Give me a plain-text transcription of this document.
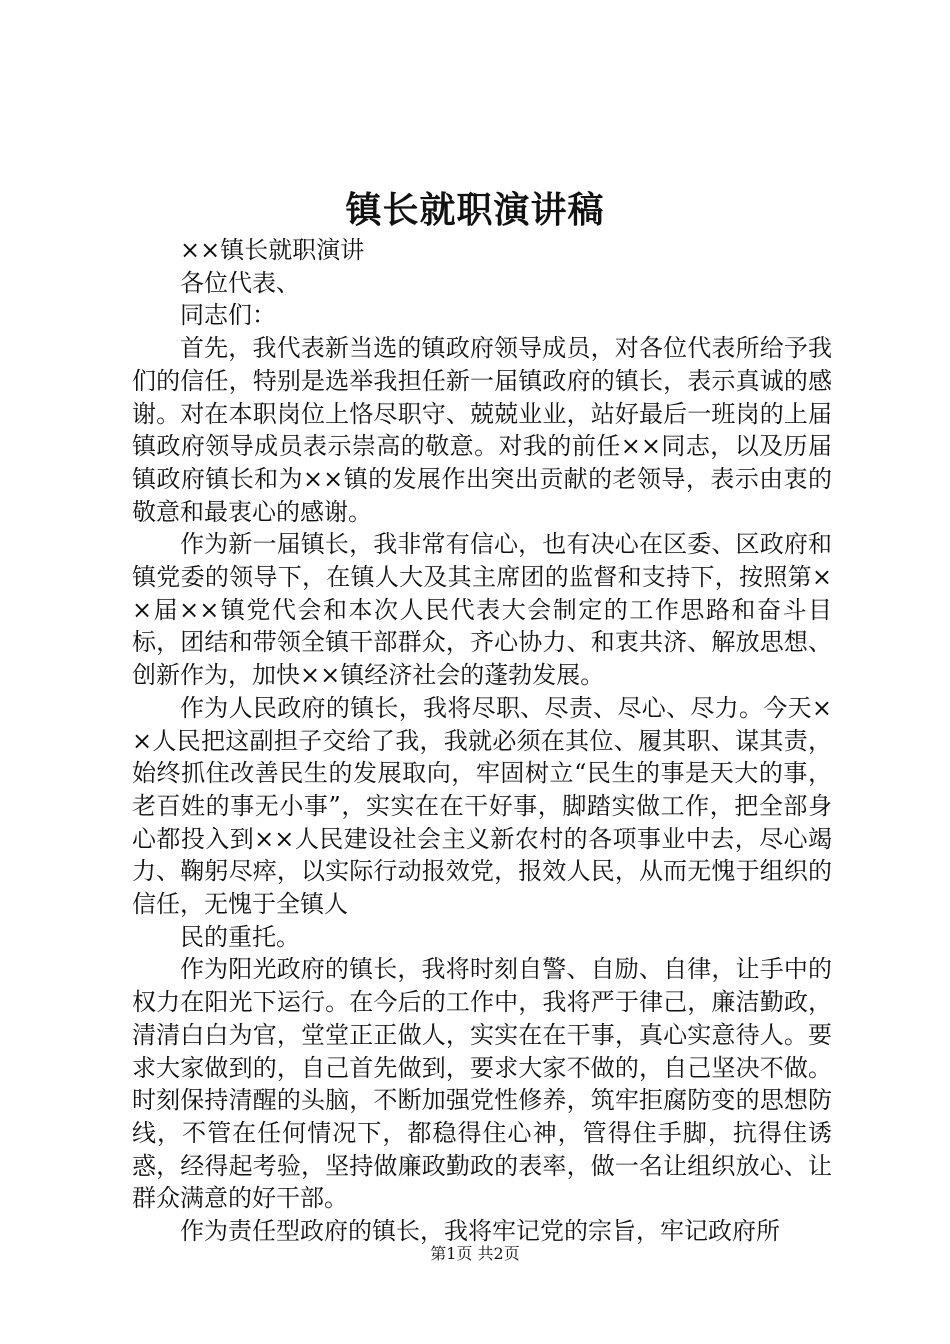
镇长就职演讲稿

××镇长就职演讲

各位代表、

同志们：

首先，我代表新当选的镇政府领导成员，对各位代表所给予我们的信任，特别是选举我担任新一届镇政府的镇长，表示真诚的感谢。对在本职岗位上恪尽职守、兢兢业业，站好最后一班岗的上届镇政府领导成员表示崇高的敬意。对我的前任××同志，以及历届镇政府镇长和为××镇的发展作出突出贡献的老领导，表示由衷的敬意和最衷心的感谢。

作为新一届镇长，我非常有信心，也有决心在区委、区政府和镇党委的领导下，在镇人大及其主席团的监督和支持下，按照第××届××镇党代会和本次人民代表大会制定的工作思路和奋斗目标，团结和带领全镇干部群众，齐心协力、和衷共济、解放思想、创新作为，加快××镇经济社会的蓬勃发展。

作为人民政府的镇长，我将尽职、尽责、尽心、尽力。今天××人民把这副担子交给了我，我就必须在其位、履其职、谋其责，始终抓住改善民生的发展取向，牢固树立“民生的事是天大的事，老百姓的事无小事”，实实在在干好事，脚踏实做工作，把全部身心都投入到××人民建设社会主义新农村的各项事业中去，尽心竭力、鞠躬尽瘁，以实际行动报效党，报效人民，从而无愧于组织的信任，无愧于全镇人

民的重托。

作为阳光政府的镇长，我将时刻自警、自励、自律，让手中的权力在阳光下运行。在今后的工作中，我将严于律己，廉洁勤政，清清白白为官，堂堂正正做人，实实在在干事，真心实意待人。要求大家做到的，自己首先做到，要求大家不做的，自己坚决不做。时刻保持清醒的头脑，不断加强党性修养，筑牢拒腐防变的思想防线，不管在任何情况下，都稳得住心神，管得住手脚，抗得住诱惑，经得起考验，坚持做廉政勤政的表率，做一名让组织放心、让群众满意的好干部。

作为责任型政府的镇长，我将牢记党的宗旨，牢记政府所

第1页 共2页
